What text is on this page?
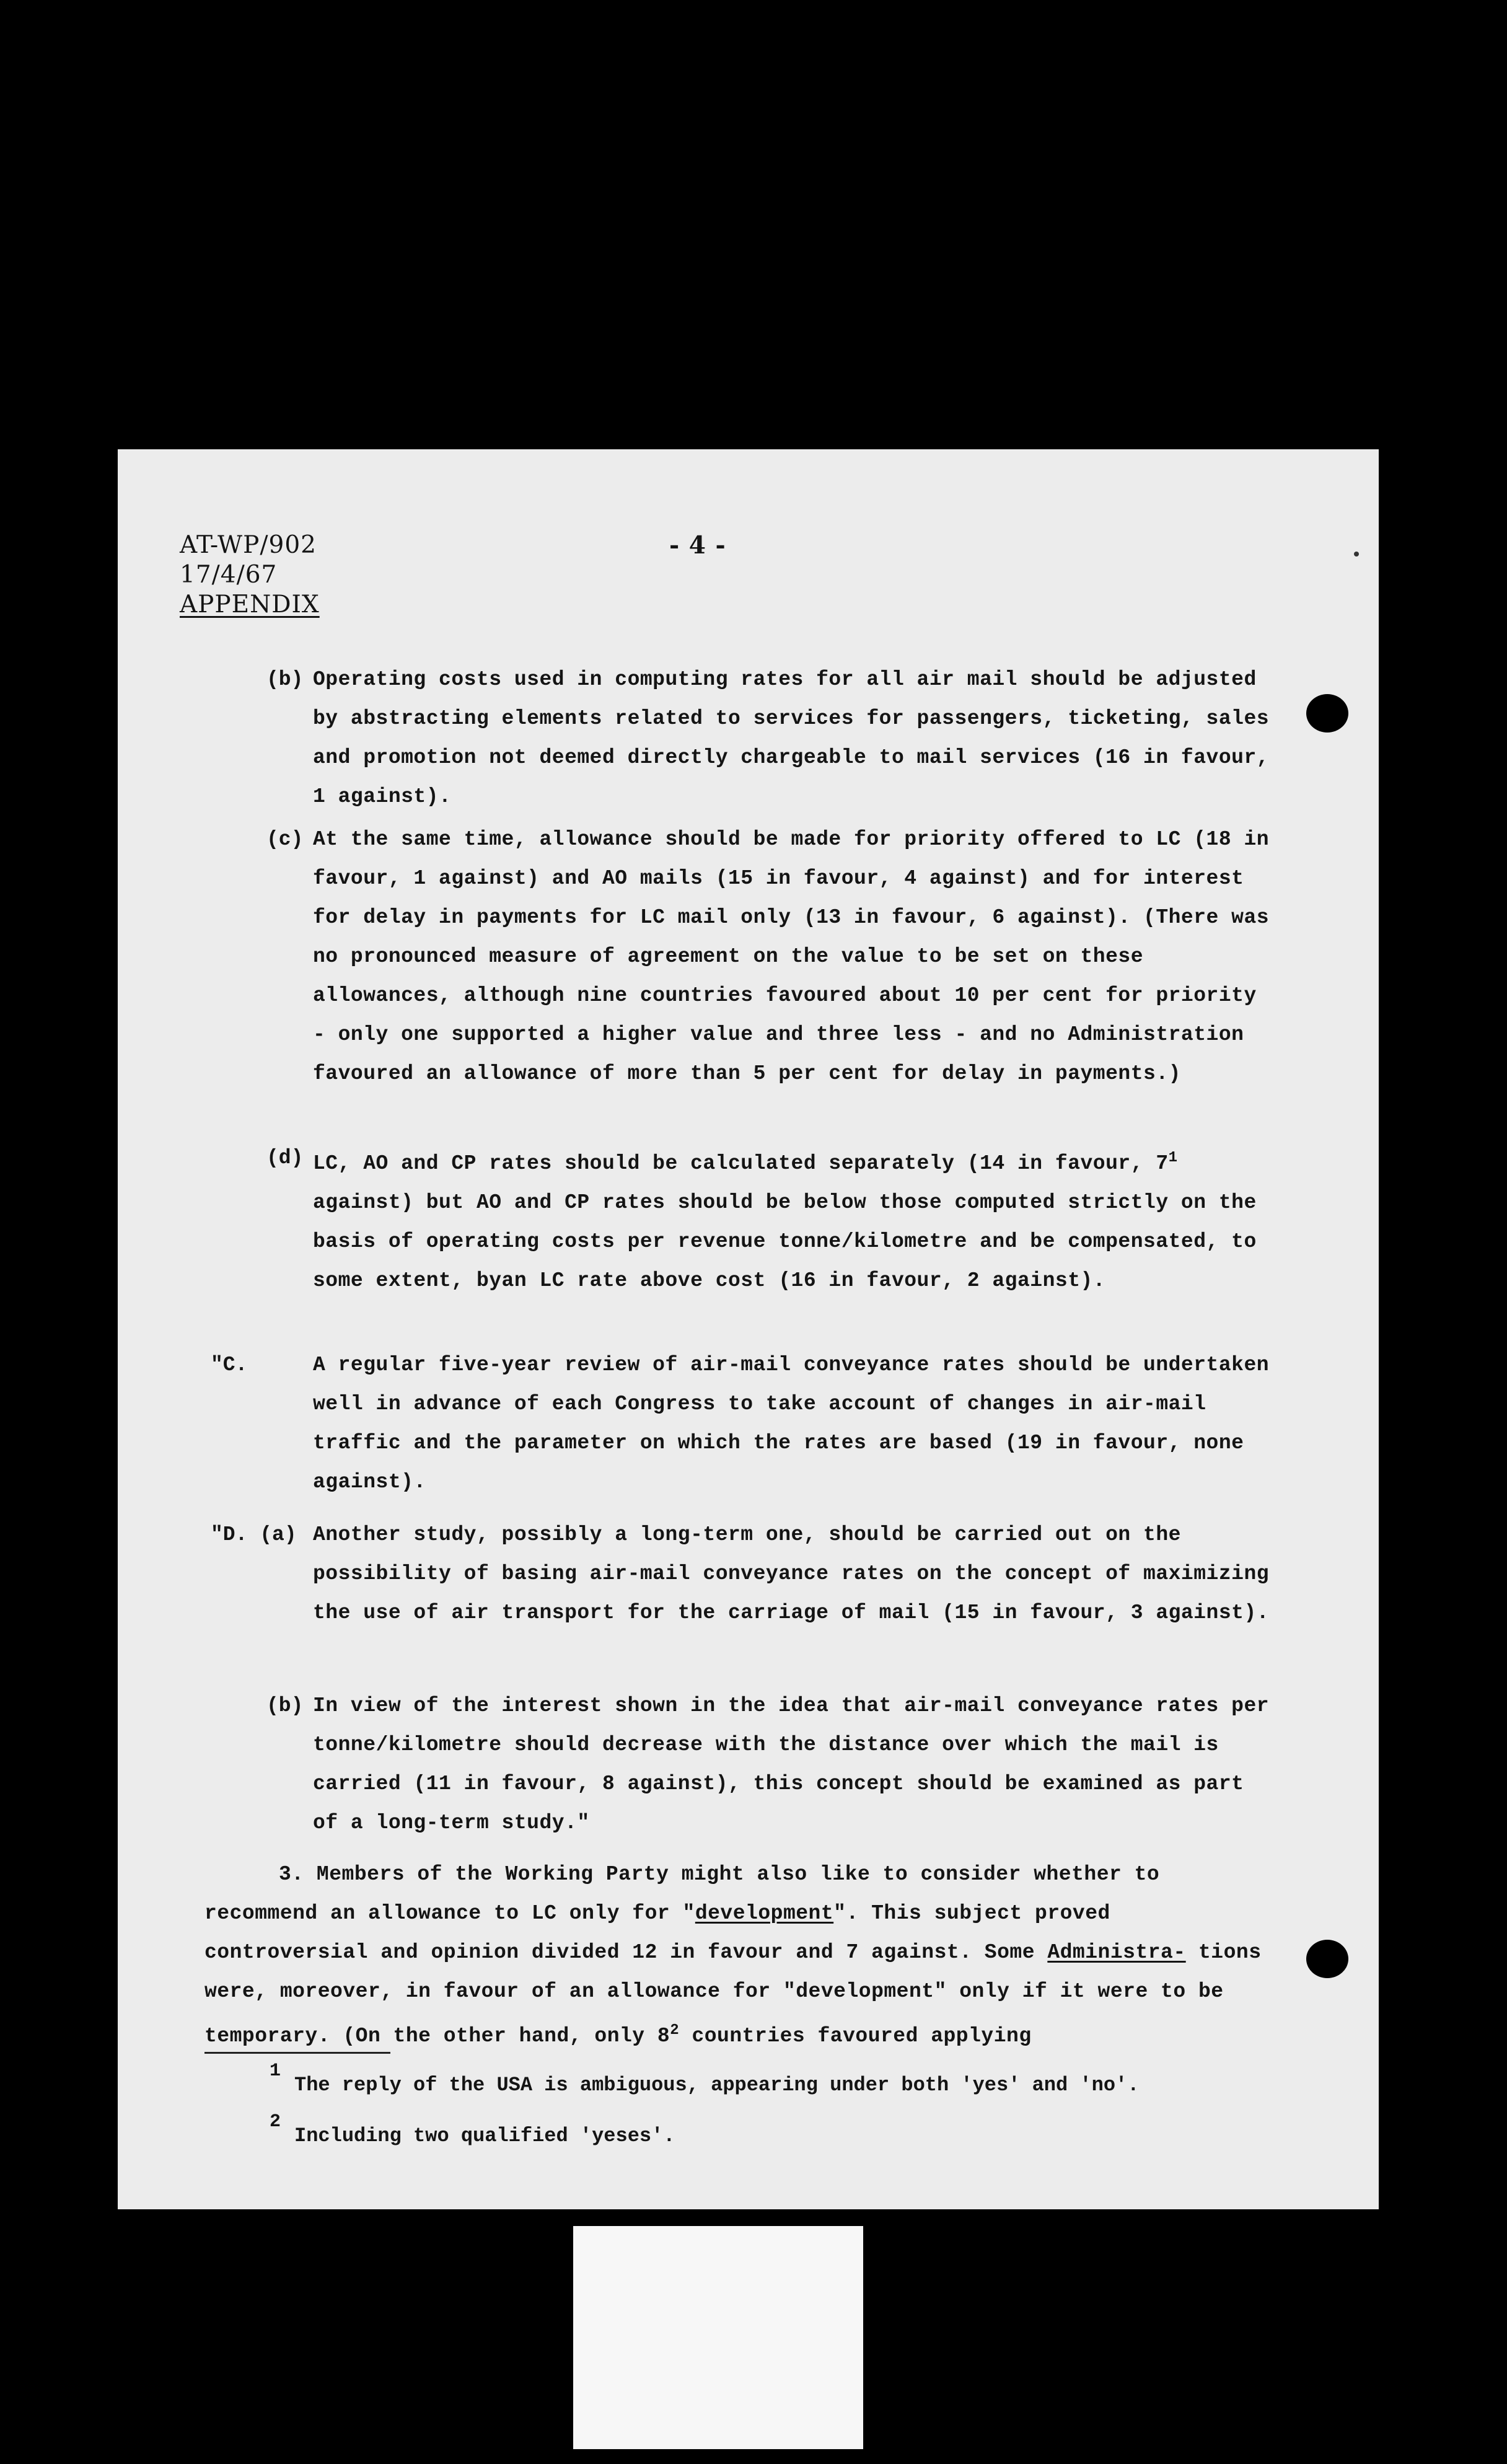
AT-WP/902

17/4/67

APPENDIX

- 4 -

(b) Operating costs used in computing rates for all air mail should be adjusted by abstracting elements related to services for passengers, ticketing, sales and promotion not deemed directly chargeable to mail services (16 in favour, 1 against).

(c) At the same time, allowance should be made for priority offered to LC (18 in favour, 1 against) and AO mails (15 in favour, 4 against) and for interest for delay in payments for LC mail only (13 in favour, 6 against). (There was no pronounced measure of agreement on the value to be set on these allowances, although nine countries favoured about 10 per cent for priority - only one supported a higher value and three less - and no Administration favoured an allowance of more than 5 per cent for delay in payments.)

(d) LC, AO and CP rates should be calculated separately (14 in favour, $7^1$ against) but AO and CP rates should be below those computed strictly on the basis of operating costs per revenue tonne/kilometre and be compensated, to some extent, byan LC rate above cost (16 in favour, 2 against).

"C.	A regular five-year review of air-mail conveyance rates should be undertaken well in advance of each Congress to take account of changes in air-mail traffic and the parameter on which the rates are based (19 in favour, none against).

"D. (a) Another study, possibly a long-term one, should be carried out on the possibility of basing air-mail conveyance rates on the concept of maximizing the use of air transport for the carriage of mail (15 in favour, 3 against).

(b) In view of the interest shown in the idea that air-mail conveyance rates per tonne/kilometre should decrease with the distance over which the mail is carried (11 in favour, 8 against), this concept should be examined as part of a long-term study."

3. Members of the Working Party might also like to consider whether to recommend an allowance to LC only for "development". This subject proved controversial and opinion divided 12 in favour and 7 against. Some Administra- tions were, moreover, in favour of an allowance for "development" only if it were to be temporary. (On the other hand, only $8^2$ countries favoured applying

1

The reply of the USA is ambiguous, appearing under both 'yes' and 'no'.

2

Including two qualified 'yeses'.
